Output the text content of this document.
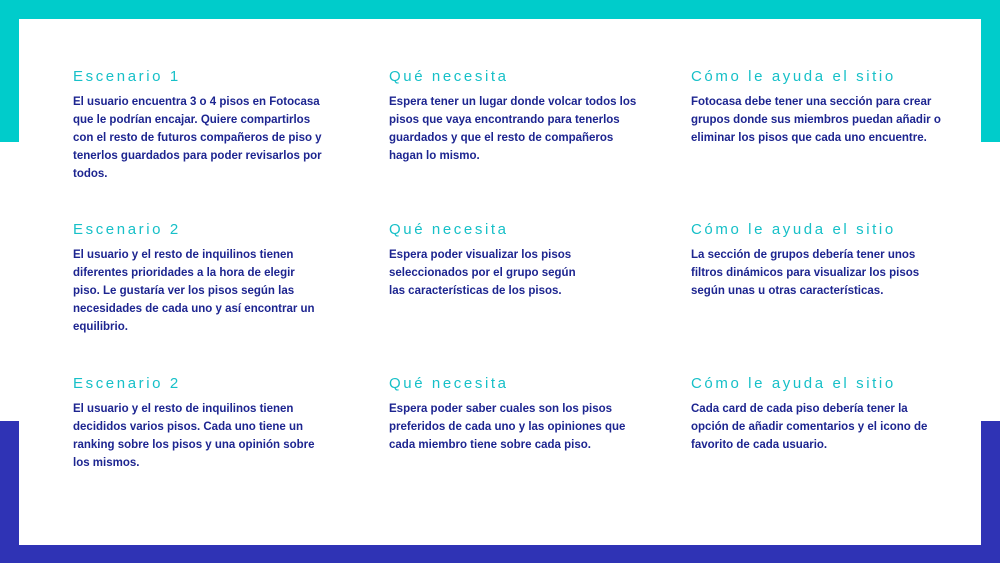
Escenario 1

El usuario encuentra 3 o 4 pisos en Fotocasa que le podrían encajar. Quiere compartirlos con el resto de futuros compañeros de piso y tenerlos guardados para poder revisarlos por todos.

Qué necesita

Espera tener un lugar donde volcar todos los pisos que vaya encontrando para tenerlos guardados y que el resto de compañeros hagan lo mismo.

Cómo le ayuda el sitio

Fotocasa debe tener una sección para crear grupos donde sus miembros puedan añadir o eliminar los pisos que cada uno encuentre.

Escenario 2

El usuario y el resto de inquilinos tienen diferentes prioridades a la hora de elegir piso. Le gustaría ver los pisos según las necesidades de cada uno y así encontrar un equilibrio.

Qué necesita

Espera poder visualizar los pisos seleccionados por el grupo según las características de los pisos.

Cómo le ayuda el sitio

La sección de grupos debería tener unos filtros dinámicos para visualizar los pisos según unas u otras características.

Escenario 2

El usuario y el resto de inquilinos tienen decididos varios pisos. Cada uno tiene un ranking sobre los pisos y una opinión sobre los mismos.

Qué necesita

Espera poder saber cuales son los pisos preferidos de cada uno y las opiniones que cada miembro tiene sobre cada piso.

Cómo le ayuda el sitio

Cada card de cada piso debería tener la opción de añadir comentarios y el icono de favorito de cada usuario.
